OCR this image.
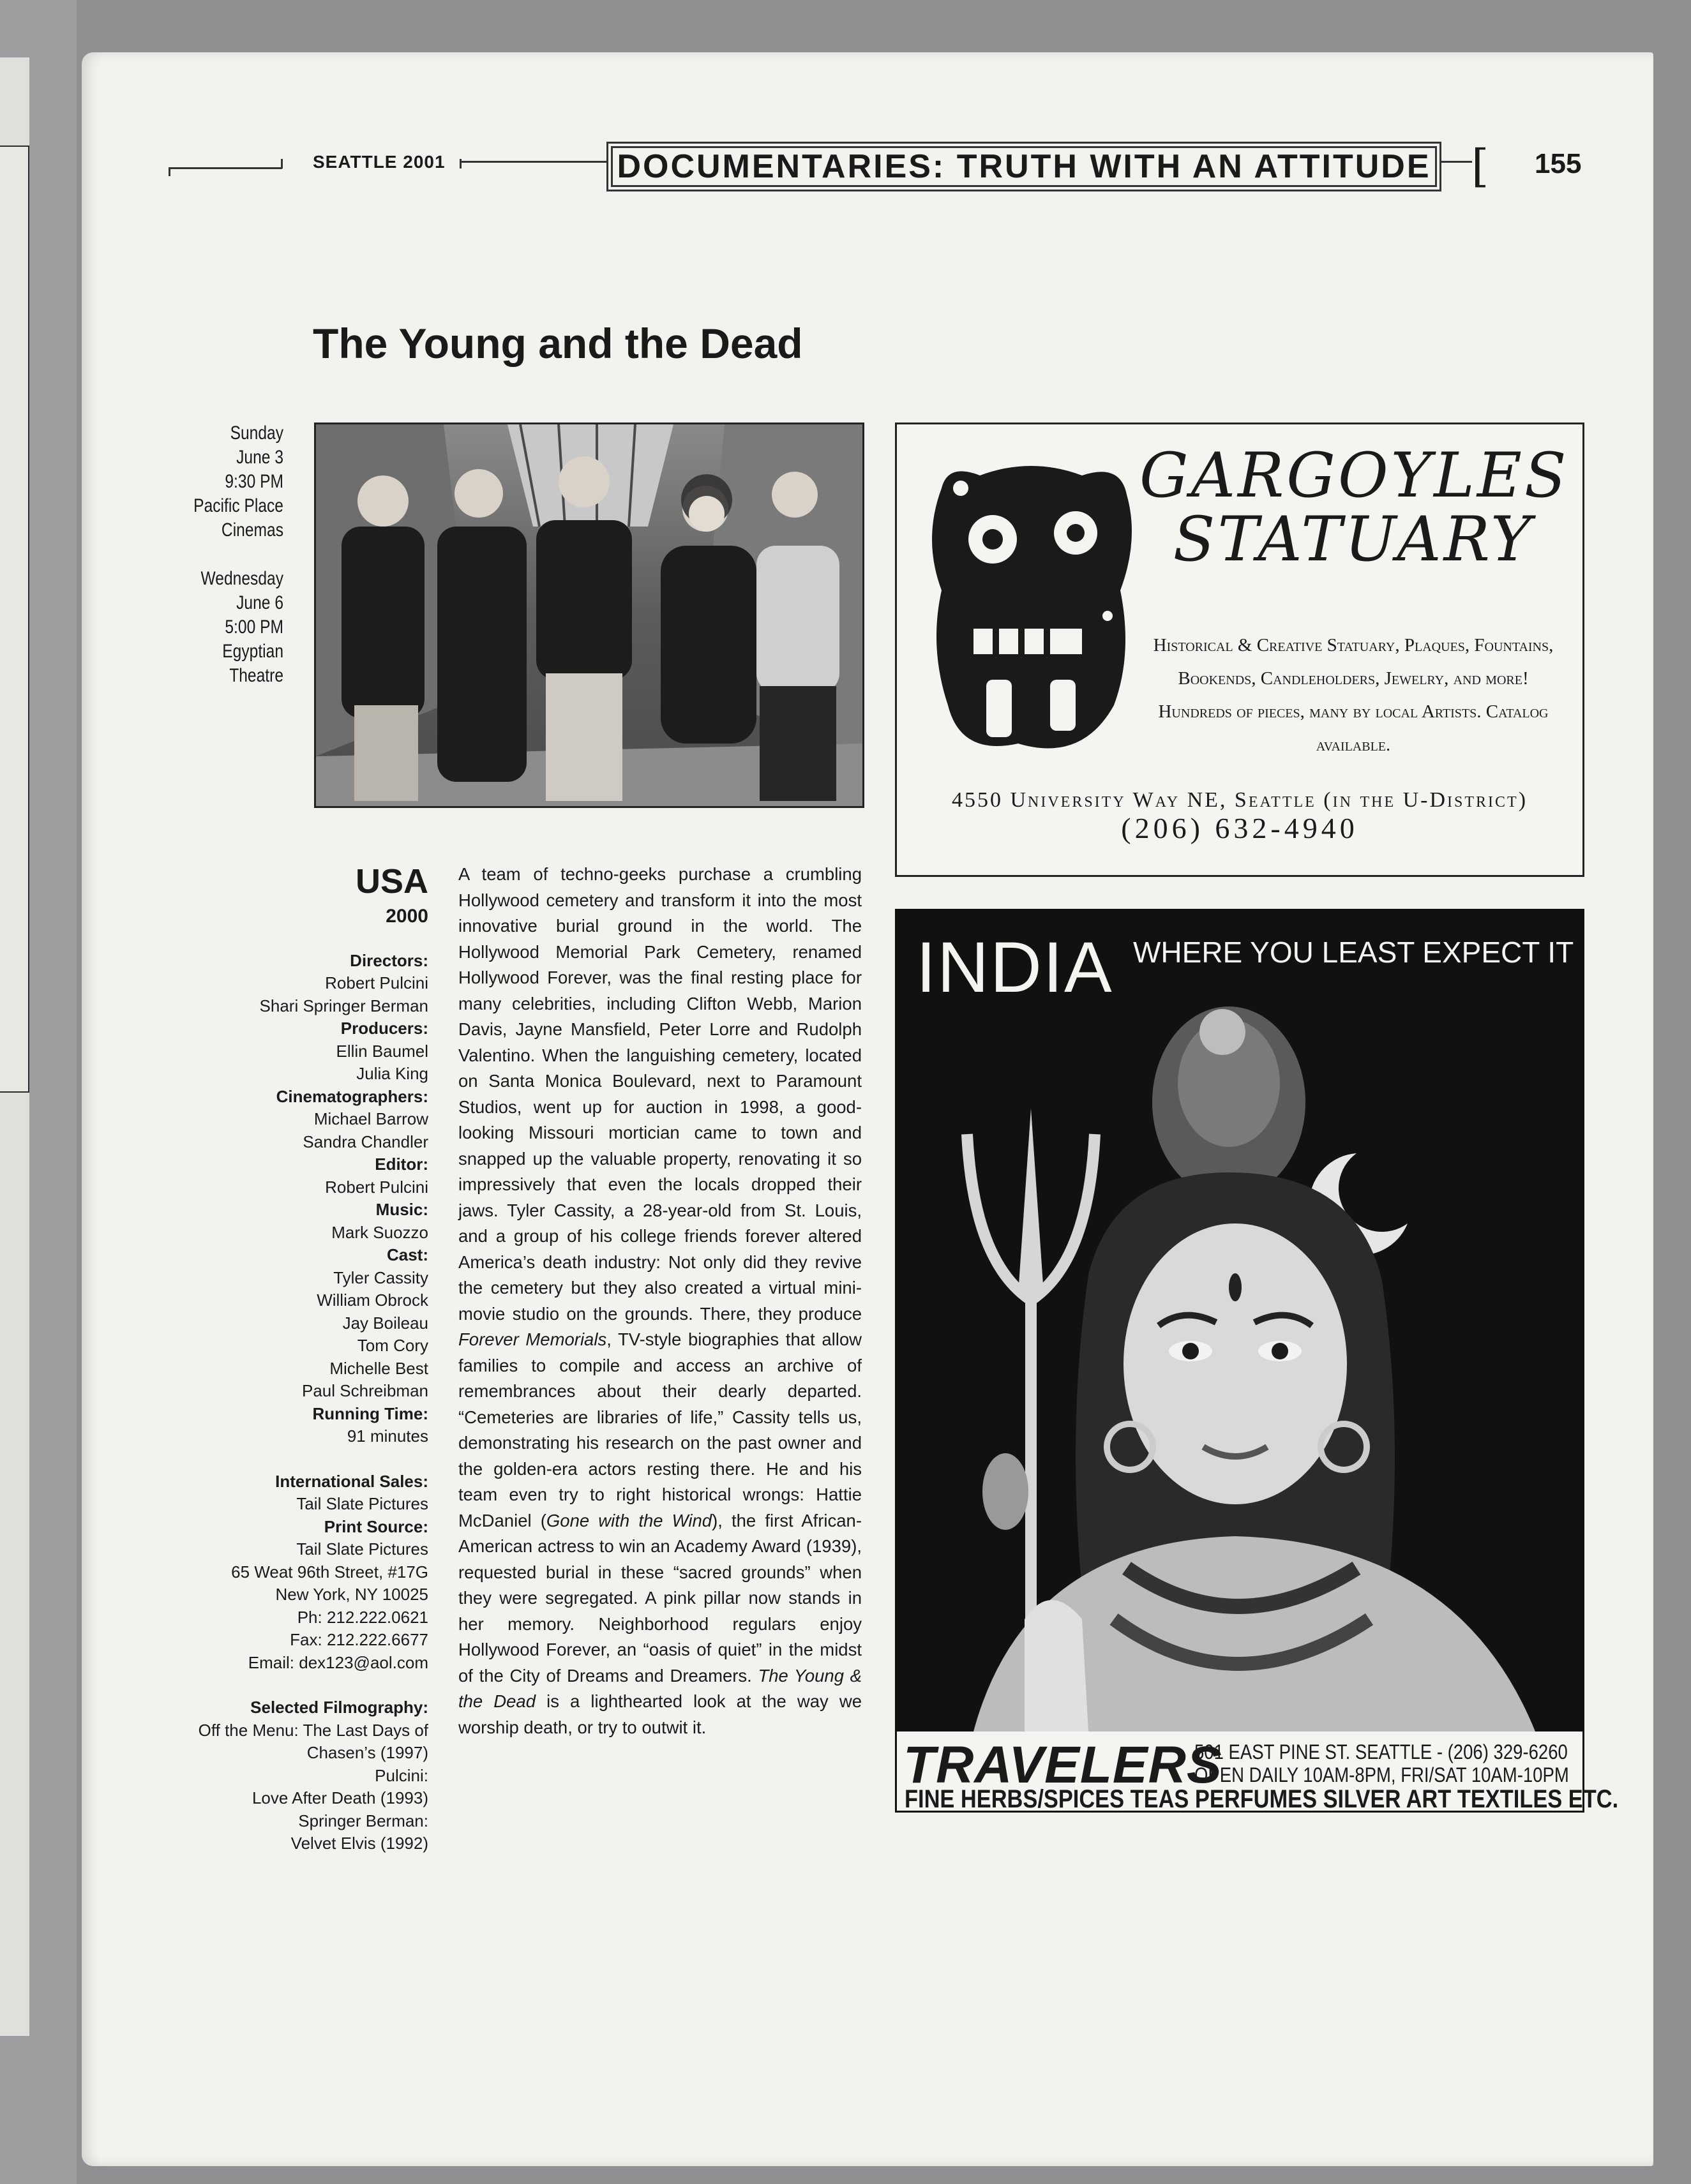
SEATTLE 2001	DOCUMENTARIES: TRUTH WITH AN ATTITUDE [ 155
The Young and the Dead
Sunday
June 3
9:30 PM
Pacific Place
Cinemas
Wednesday
June 6
5:00 PM
Egyptian
Theatre
USA
2000
Directors:
Robert Pulcini
Shari Springer Berman
Producers:
Ellin Baumel
Julia King
Cinematographers:
Michael Barrow
Sandra Chandler
Editor:
Robert Pulcini
Music:
Mark Suozzo
Cast:
Tyler Cassity
William Obrock
Jay Boileau
Tom Cory
Michelle Best
Paul Schreibman
Running Time:
91 minutes
International Sales:
Tail Slate Pictures
Print Source:
Tail Slate Pictures
65 Weat 96th Street, #17G
New York, NY 10025
Ph: 212.222.0621
Fax: 212.222.6677
Email: dex123@aol.com
Selected Filmography:
Off the Menu: The Last Days of
Chasen’s (1997)
Pulcini:
Love After Death (1993)
Springer Berman:
Velvet Elvis (1992)
A team of techno-geeks purchase a crumbling Hollywood cemetery and transform it into the most innovative burial ground in the world. The Hollywood Memorial Park Cemetery, renamed Hollywood Forever, was the final resting place for many celebrities, including Clifton Webb, Marion Davis, Jayne Mansfield, Peter Lorre and Rudolph Valentino. When the languishing cemetery, located on Santa Monica Boulevard, next to Paramount Studios, went up for auction in 1998, a good-looking Missouri mortician came to town and snapped up the valuable property, renovating it so impressively that even the locals dropped their jaws. Tyler Cassity, a 28-year-old from St. Louis, and a group of his college friends forever altered America’s death industry: Not only did they revive the cemetery but they also created a virtual mini-movie studio on the grounds. There, they produce Forever Memorials, TV-style biographies that allow families to compile and access an archive of remembrances about their dearly departed. “Cemeteries are libraries of life,” Cassity tells us, demonstrating his research on the past owner and the golden-era actors resting there. He and his team even try to right historical wrongs: Hattie McDaniel (Gone with the Wind), the first African-American actress to win an Academy Award (1939), requested burial in these “sacred grounds” when they were segregated. A pink pillar now stands in her memory. Neighborhood regulars enjoy Hollywood Forever, an “oasis of quiet” in the midst of the City of Dreams and Dreamers. The Young & the Dead is a lighthearted look at the way we worship death, or try to outwit it.
GARGOYLES
STATUARY
Historical & Creative Statuary, Plaques, Fountains, Bookends, Candleholders, Jewelry, and more! Hundreds of pieces, many by local Artists. Catalog available.
4550 University Way NE, Seattle (in the U-District)
(206) 632-4940
INDIA WHERE YOU LEAST EXPECT IT
TRAVELERS
501 EAST PINE ST. SEATTLE - (206) 329-6260
OPEN DAILY 10AM-8PM, FRI/SAT 10AM-10PM
FINE HERBS/SPICES TEAS PERFUMES SILVER ART TEXTILES ETC.
